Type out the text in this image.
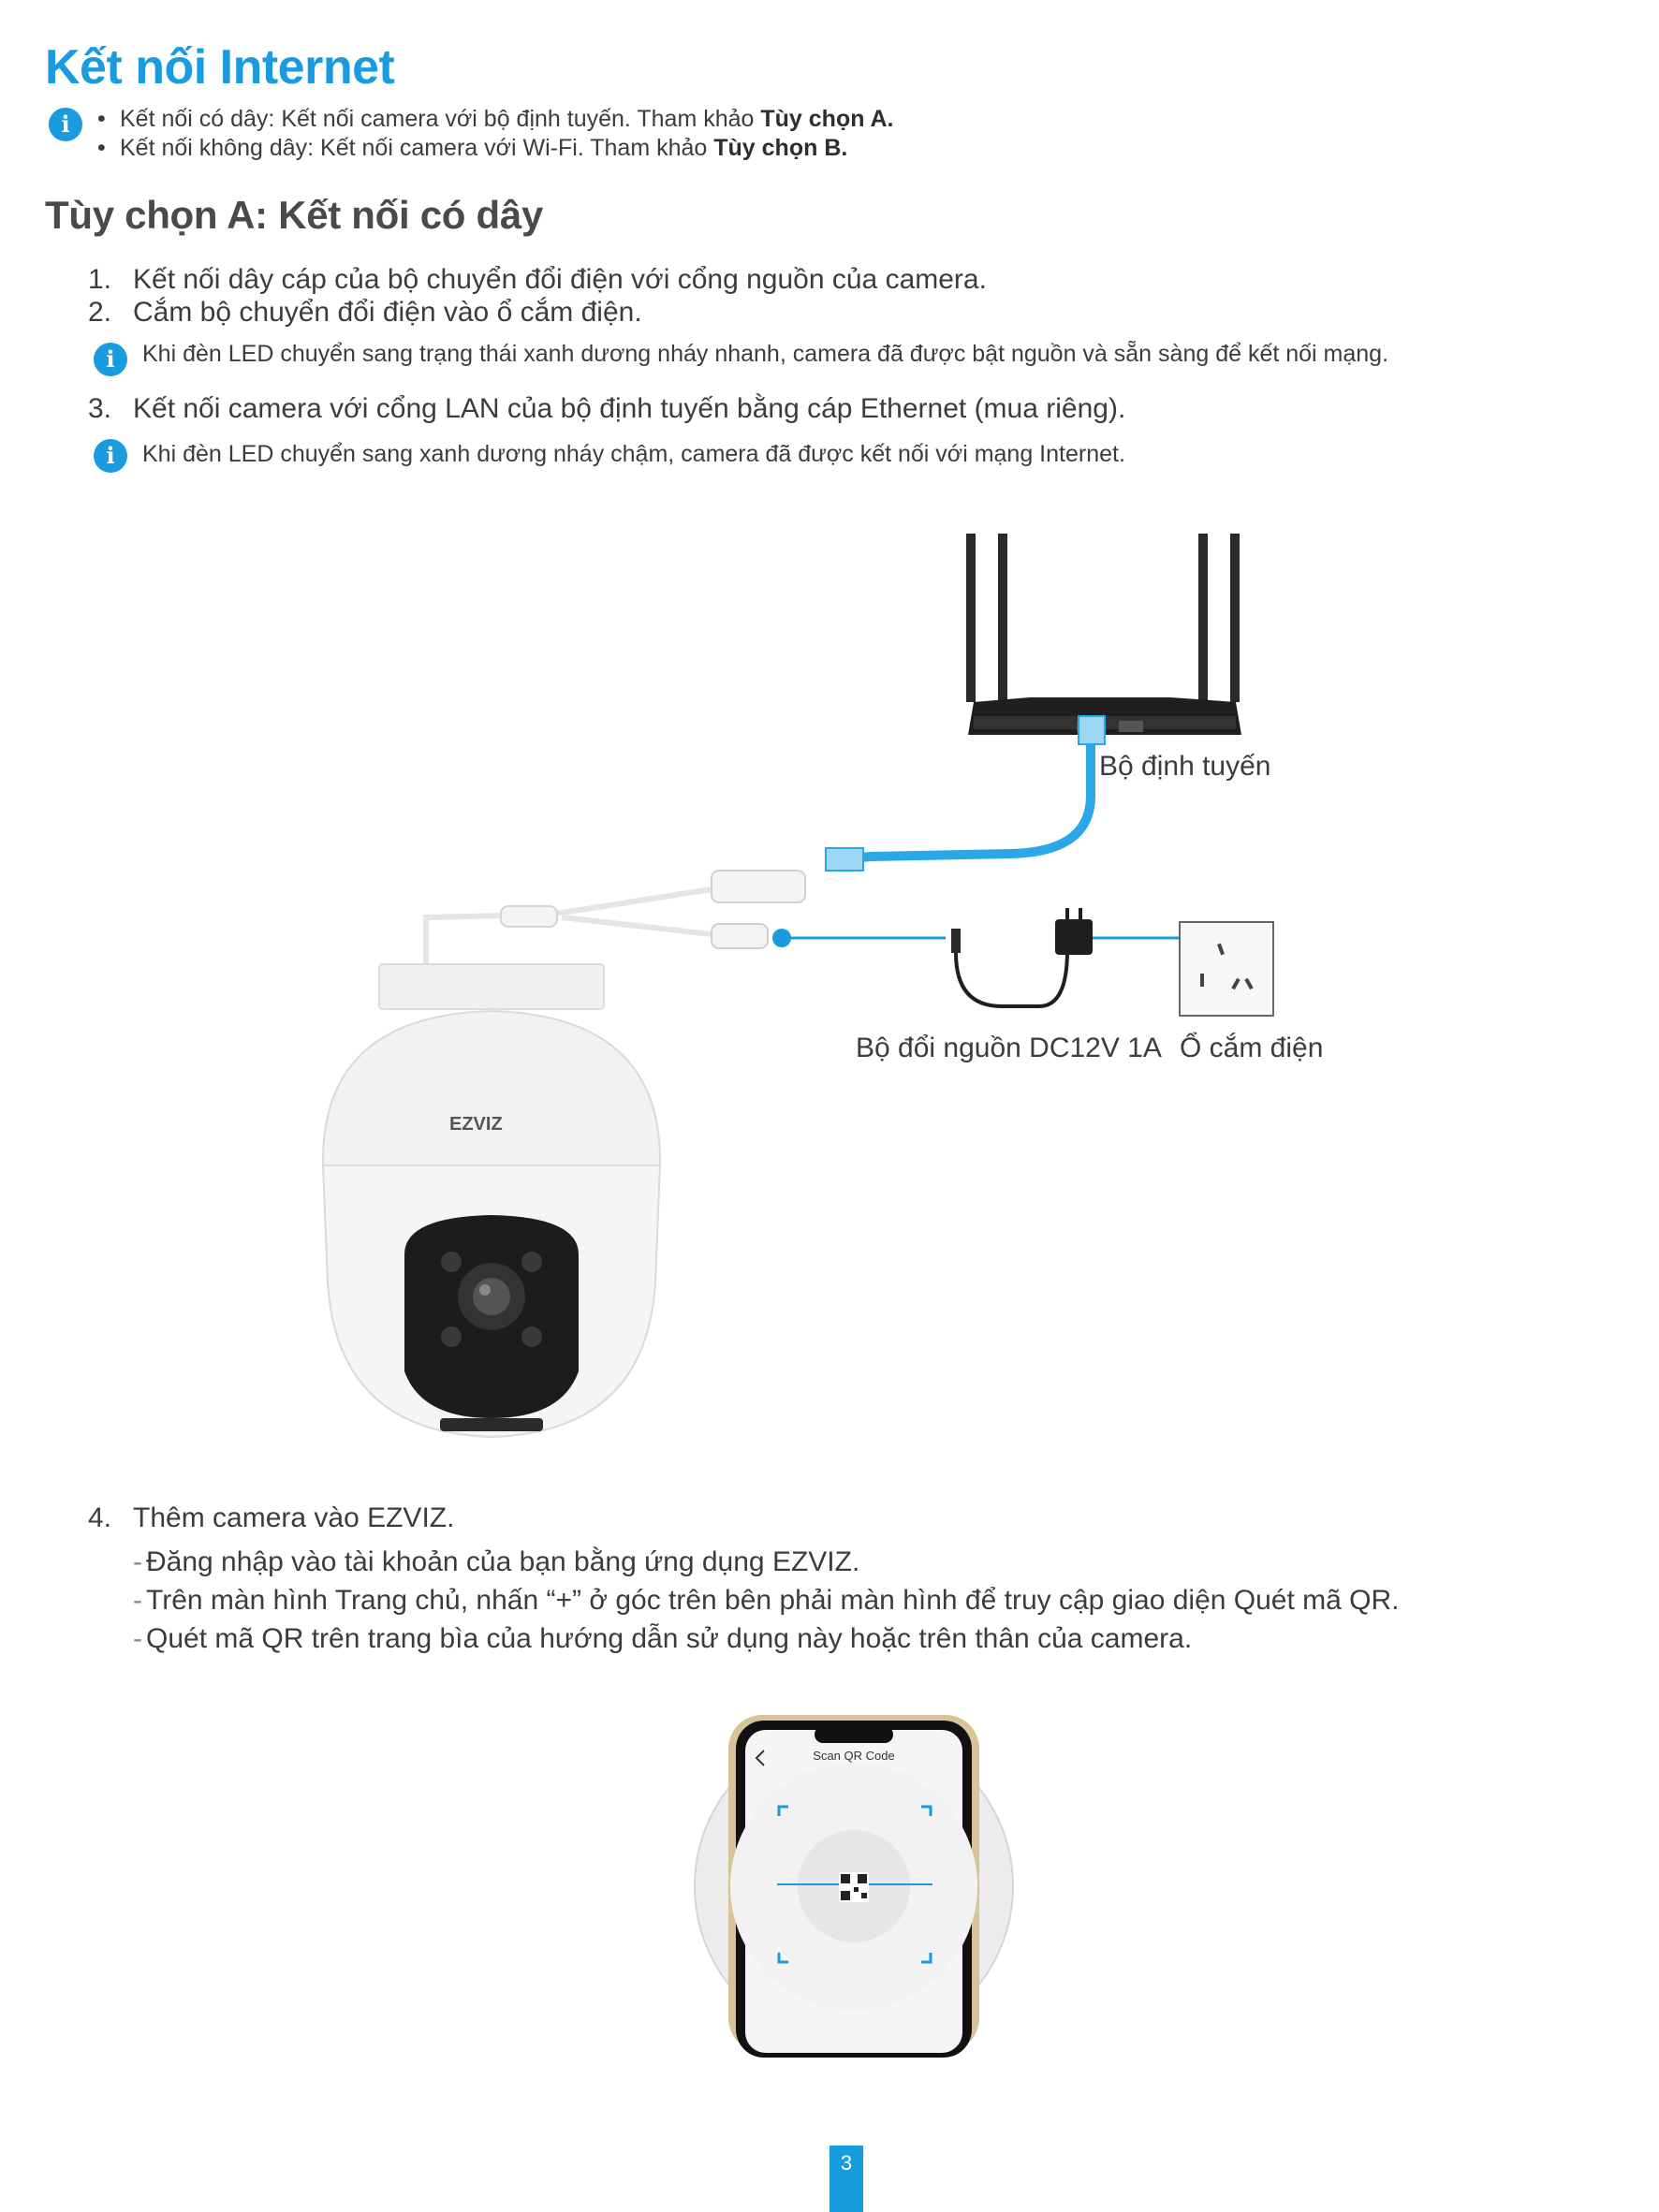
Kết nối Internet
i
•	Kết nối có dây: Kết nối camera với bộ định tuyến. Tham khảo Tùy chọn A.
• Kết nối không dây: Kết nối camera với Wi-Fi. Tham khảo Tùy chọn B.
Tùy chọn A: Kết nối có dây
1. Kết nối dây cáp của bộ chuyển đổi điện với cổng nguồn của camera.
2. Cắm bộ chuyển đổi điện vào ổ cắm điện.
i	Khi đèn LED chuyển sang trạng thái xanh dương nháy nhanh, camera đã được bật nguồn và sẵn sàng để kết nối mạng.
3. Kết nối camera với cổng LAN của bộ định tuyến bằng cáp Ethernet (mua riêng).
i	Khi đèn LED chuyển sang xanh dương nháy chậm, camera đã được kết nối với mạng Internet.
EZVIZ
Bộ định tuyến
Bộ đổi nguồn DC12V 1A Ổ cắm điện
4. Thêm camera vào EZVIZ.
- Đăng nhập vào tài khoản của bạn bằng ứng dụng EZVIZ.
- Trên màn hình Trang chủ, nhấn “+” ở góc trên bên phải màn hình để truy cập giao diện Quét mã QR.
- Quét mã QR trên trang bìa của hướng dẫn sử dụng này hoặc trên thân của camera.
Scan QR Code
3
